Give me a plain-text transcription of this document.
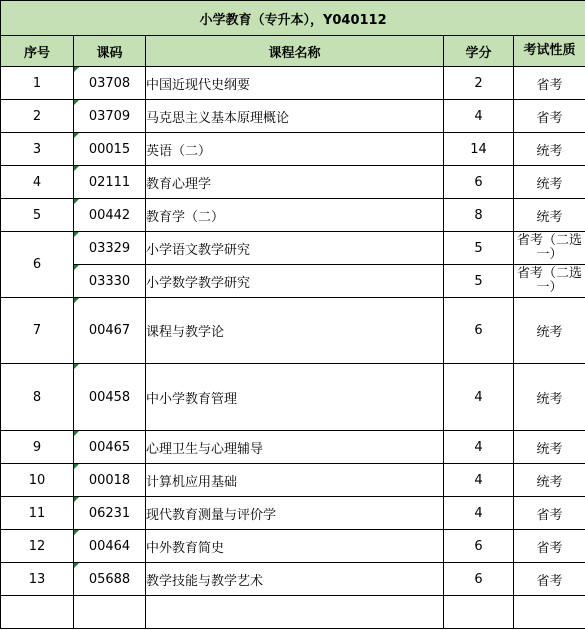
小学教育（专升本），Y040112				
序号	课码	课程名称	学分	考试性质
1	03708	中国近现代史纲要	2	省考
2	03709	马克思主义基本原理概论	4	省考
3	00015	英语（二）	14	统考
4	02111	教育心理学	6	统考
5	00442	教育学（二）	8	统考
6	03329	小学语文教学研究	5	省考（二选一）

03330	小学数学教学研究	5	省考（二选一）
7	00467	课程与教学论	6	统考
8	00458	中小学教育管理	4	统考
9	00465	心理卫生与心理辅导	4	统考
10	00018	计算机应用基础	4	统考
11	06231	现代教育测量与评价学	4	省考
12	00464	中外教育简史	6	省考
13	05688	教学技能与教学艺术	6	省考
